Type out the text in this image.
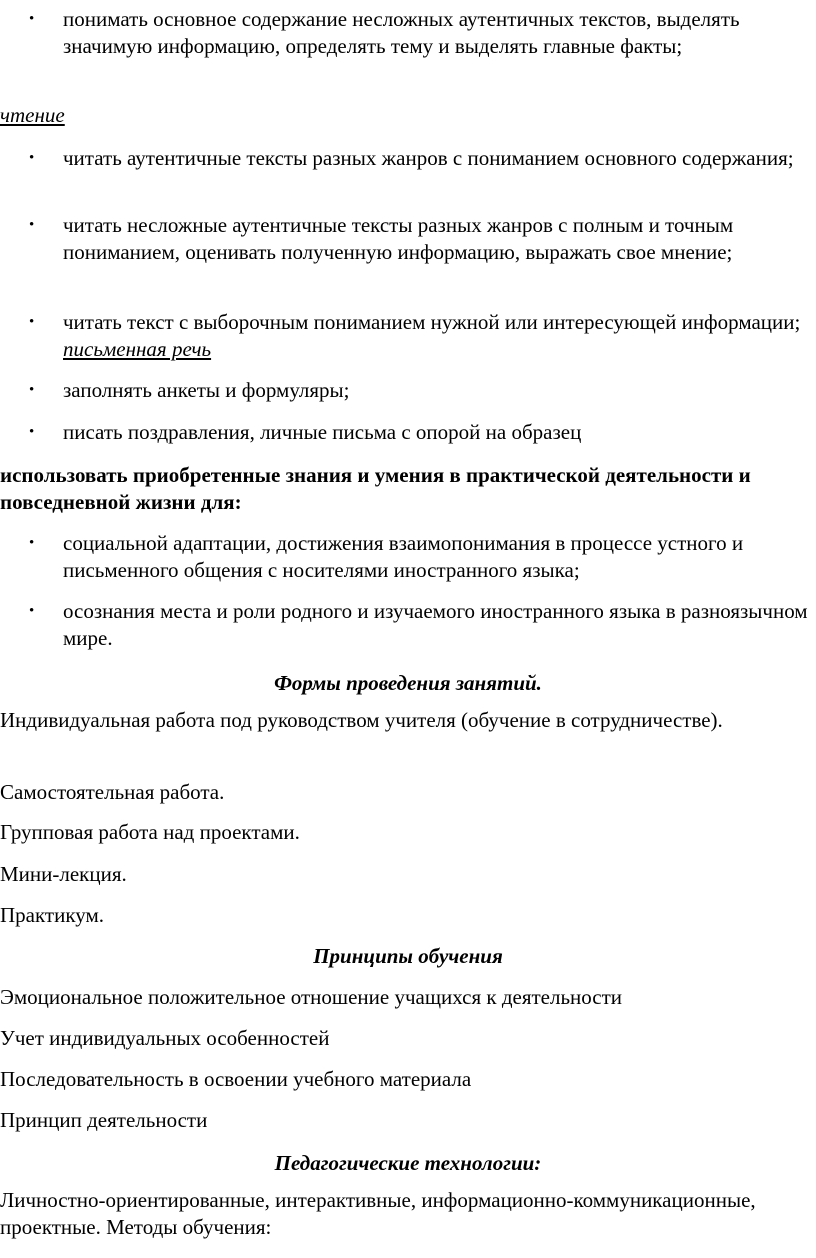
• понимать основное содержание несложных аутентичных текстов, выделять значимую информацию, определять тему и выделять главные факты;
чтение
• читать аутентичные тексты разных жанров с пониманием основного содержания;
• читать несложные аутентичные тексты разных жанров с полным и точным пониманием, оценивать полученную информацию, выражать свое мнение;
• читать текст с выборочным пониманием нужной или интересующей информации; письменная речь
• заполнять анкеты и формуляры;
• писать поздравления, личные письма с опорой на образец
использовать приобретенные знания и умения в практической деятельности и повседневной жизни для:
• социальной адаптации, достижения взаимопонимания в процессе устного и письменного общения с носителями иностранного языка;
• осознания места и роли родного и изучаемого иностранного языка в разноязычном мире.
Формы проведения занятий.
Индивидуальная работа под руководством учителя (обучение в сотрудничестве).
Самостоятельная работа.
Групповая работа над проектами.
Мини-лекция.
Практикум.
Принципы обучения
Эмоциональное положительное отношение учащихся к деятельности
Учет индивидуальных особенностей
Последовательность в освоении учебного материала
Принцип деятельности
Педагогические технологии:
Личностно-ориентированные, интерактивные, информационно-коммуникационные, проектные. Методы обучения:
